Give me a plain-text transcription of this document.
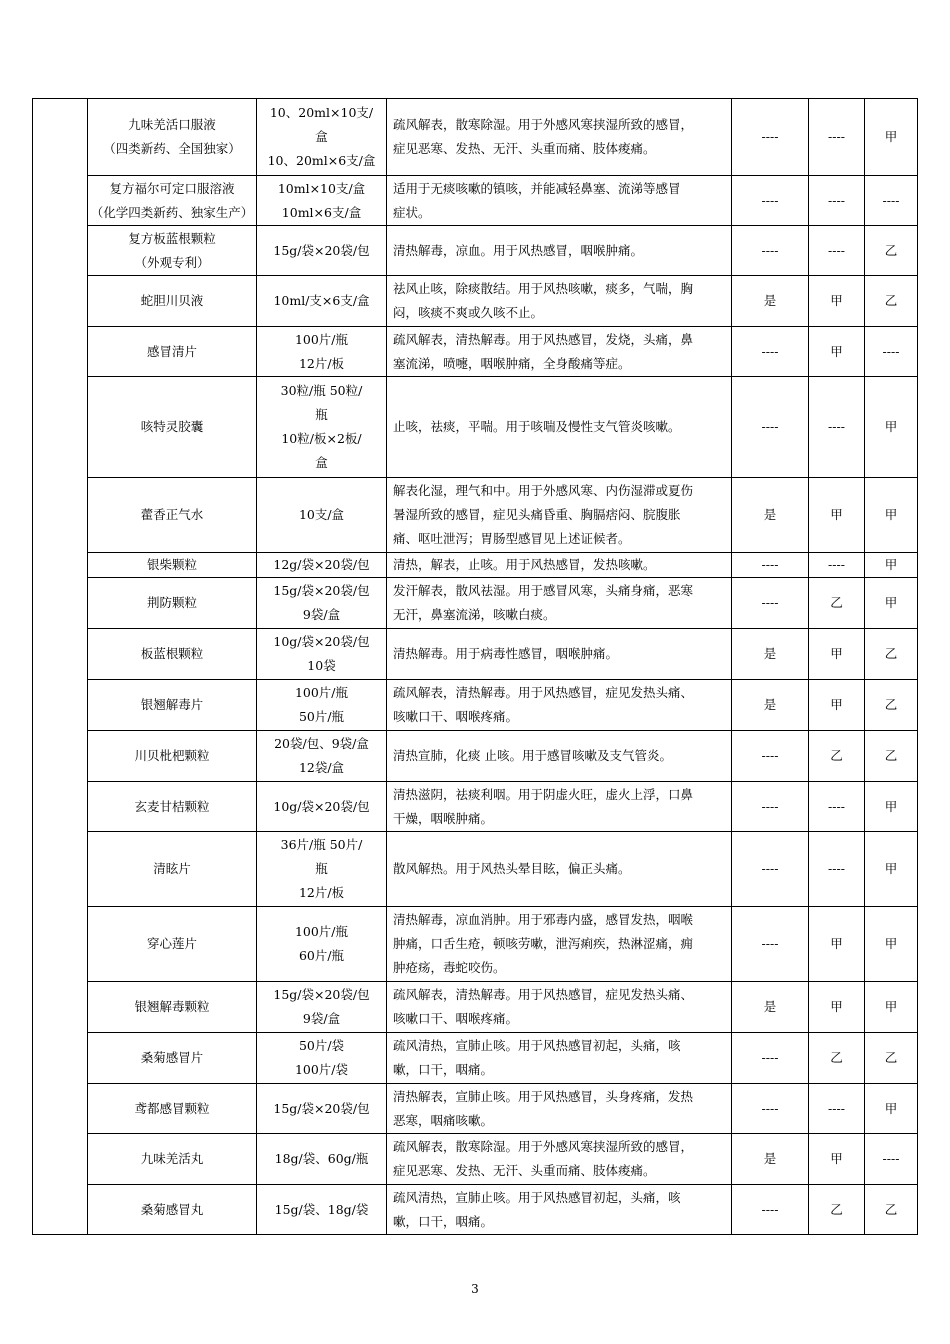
	九味羌活口服液
（四类新药、全国独家）	10、20ml×10支/
盒
10、20ml×6支/盒	疏风解表，散寒除湿。用于外感风寒挟湿所致的感冒，
症见恶寒、发热、无汗、头重而痛、肢体痠痛。	----	----	甲

	复方福尔可定口服溶液
（化学四类新药、独家生产）	10ml×10支/盒
10ml×6支/盒	适用于无痰咳嗽的镇咳，并能减轻鼻塞、流涕等感冒
症状。	----	----	----

	复方板蓝根颗粒
（外观专利）	15g/袋×20袋/包	清热解毒，凉血。用于风热感冒，咽喉肿痛。	----	----	乙

	蛇胆川贝液	10ml/支×6支/盒	祛风止咳，除痰散结。用于风热咳嗽，痰多，气喘，胸
闷，咳痰不爽或久咳不止。	是	甲	乙

	感冒清片	100片/瓶
12片/板	疏风解表，清热解毒。用于风热感冒，发烧，头痛，鼻
塞流涕，喷嚏，咽喉肿痛，全身酸痛等症。	----	甲	----

	咳特灵胶囊	30粒/瓶 50粒/
瓶
10粒/板×2板/
盒	止咳，祛痰，平喘。用于咳喘及慢性支气管炎咳嗽。	----	----	甲

	藿香正气水	10支/盒	解表化湿，理气和中。用于外感风寒、内伤湿滞或夏伤
暑湿所致的感冒，症见头痛昏重、胸膈痞闷、脘腹胀
痛、呕吐泄泻；胃肠型感冒见上述证候者。	是	甲	甲

	银柴颗粒	12g/袋×20袋/包	清热，解表，止咳。用于风热感冒，发热咳嗽。	----	----	甲

	荆防颗粒	15g/袋×20袋/包
9袋/盒	发汗解表，散风祛湿。用于感冒风寒，头痛身痛，恶寒
无汗，鼻塞流涕，咳嗽白痰。	----	乙	甲

	板蓝根颗粒	10g/袋×20袋/包
10袋	清热解毒。用于病毒性感冒，咽喉肿痛。	是	甲	乙

	银翘解毒片	100片/瓶
50片/瓶	疏风解表，清热解毒。用于风热感冒，症见发热头痛、
咳嗽口干、咽喉疼痛。	是	甲	乙

	川贝枇杷颗粒	20袋/包、9袋/盒
12袋/盒	清热宣肺，化痰 止咳。用于感冒咳嗽及支气管炎。	----	乙	乙

	玄麦甘桔颗粒	10g/袋×20袋/包	清热滋阴，祛痰利咽。用于阴虚火旺，虚火上浮，口鼻
干燥，咽喉肿痛。	----	----	甲

	清眩片	36片/瓶 50片/
瓶
12片/板	散风解热。用于风热头晕目眩，偏正头痛。	----	----	甲

	穿心莲片	100片/瓶
60片/瓶	清热解毒，凉血消肿。用于邪毒内盛，感冒发热，咽喉
肿痛，口舌生疮，顿咳劳嗽，泄泻痢疾，热淋涩痛，痈
肿疮疡，毒蛇咬伤。	----	甲	甲

	银翘解毒颗粒	15g/袋×20袋/包
9袋/盒	疏风解表，清热解毒。用于风热感冒，症见发热头痛、
咳嗽口干、咽喉疼痛。	是	甲	甲

	桑菊感冒片	50片/袋
100片/袋	疏风清热，宣肺止咳。用于风热感冒初起，头痛，咳
嗽，口干，咽痛。	----	乙	乙

	鸢都感冒颗粒	15g/袋×20袋/包	清热解表，宣肺止咳。用于风热感冒，头身疼痛，发热
恶寒，咽痛咳嗽。	----	----	甲

	九味羌活丸	18g/袋、60g/瓶	疏风解表，散寒除湿。用于外感风寒挟湿所致的感冒，
症见恶寒、发热、无汗、头重而痛、肢体痠痛。	是	甲	----

	桑菊感冒丸	15g/袋、18g/袋	疏风清热，宣肺止咳。用于风热感冒初起，头痛，咳
嗽，口干，咽痛。	----	乙	乙
3
